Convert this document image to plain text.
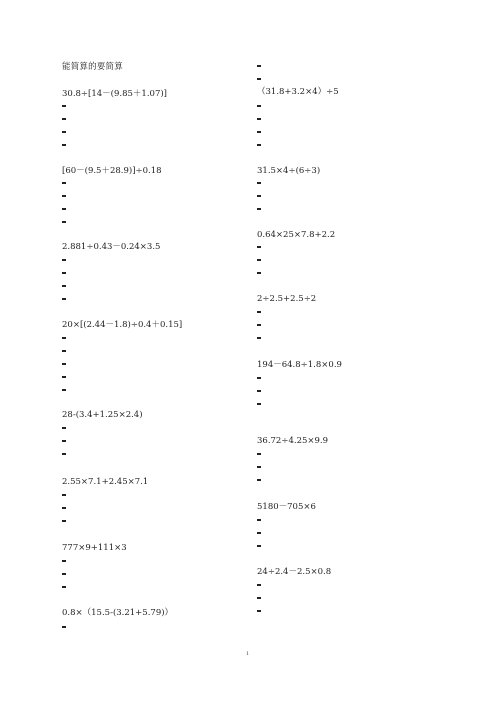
能简算的要简算
30.8÷[14－(9.85＋1.07)]
[60－(9.5＋28.9)]÷0.18
2.881÷0.43－0.24×3.5
20×[(2.44－1.8)÷0.4＋0.15]
28-(3.4+1.25×2.4)
2.55×7.1+2.45×7.1
777×9+111×3
0.8×（15.5-(3.21+5.79)）
（31.8+3.2×4）÷5
31.5×4÷(6÷3)
0.64×25×7.8+2.2
2÷2.5+2.5÷2
194－64.8÷1.8×0.9
36.72÷4.25×9.9
5180－705×6
24÷2.4－2.5×0.8
1
